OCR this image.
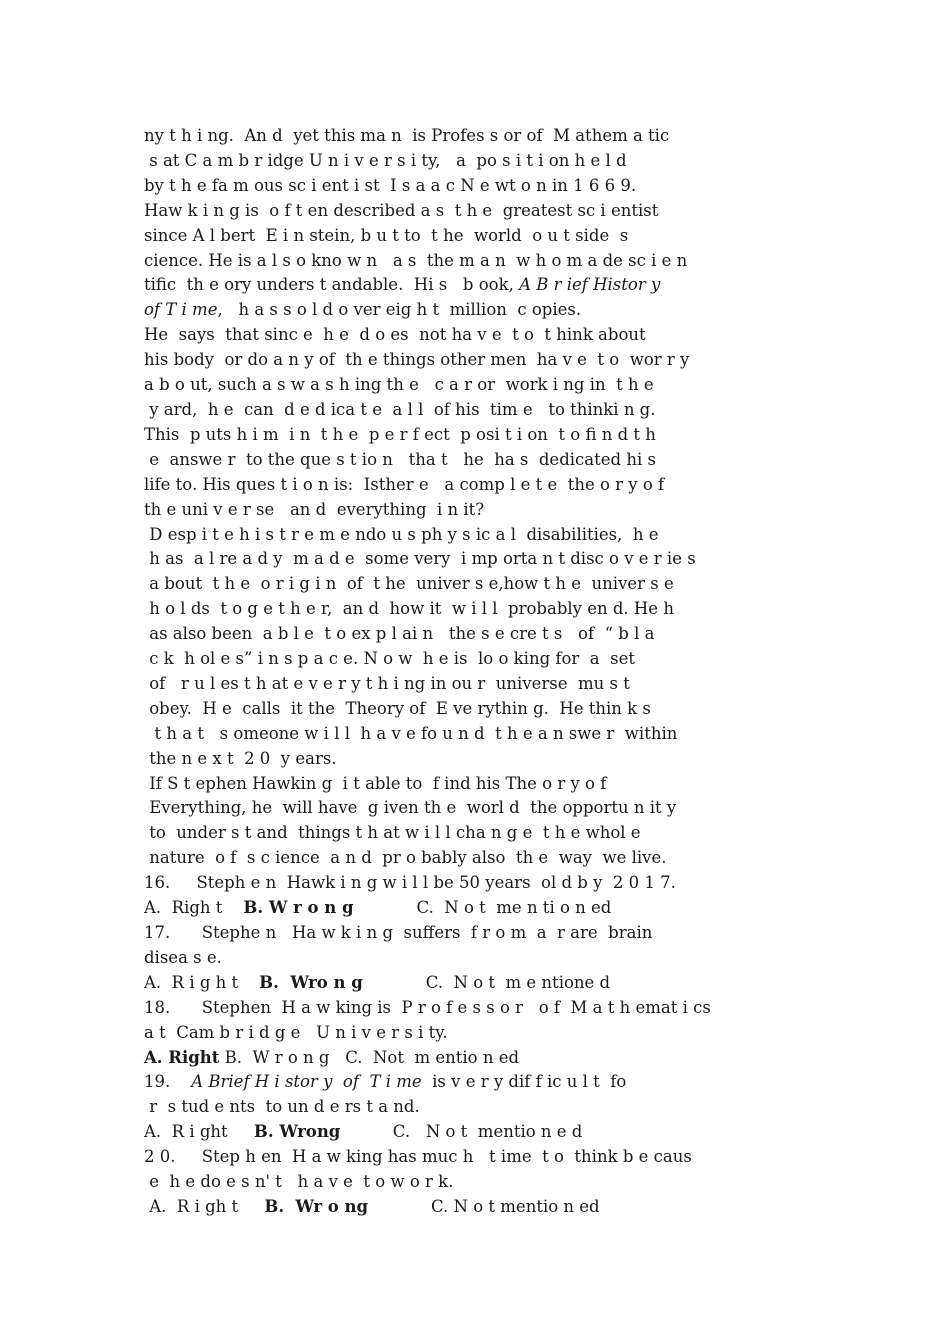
ny t h i ng.  An d  yet this ma n  is Profes s or of  M athem a tic
s at C a m b r idge U n i v e r s i ty,   a  po s i t i on h e l d
by t h e fa m ous sc i ent i st  I s a a c N e wt o n in 1 6 6 9.
Haw k i n g is  o f t en described a s  t h e  greatest sc i entist
since A l bert  E i n stein, b u t to  t he  world  o u t side  s
cience. He is a l s o kno w n   a s  the m a n  w h o m a de sc i e n
tific  th e ory unders t andable.  Hi s   b ook, A B r ief Histor y
of T i me,   h a s s o l d o ver eig h t  million  c opies.
He  says  that sinc e  h e  d o es  not ha v e  t o  t hink about
his body  or do a n y of  th e things other men  ha v e  t o  wor r y
a b o ut, such a s w a s h ing th e   c a r or  work i ng in  t h e
y ard,  h e  can  d e d ica t e  a l l  of his  tim e   to thinki n g.
This  p uts h i m  i n  t h e  p e r f ect  p osi t i on  t o fi n d t h
e  answe r  to the que s t io n   tha t   he  ha s  dedicated hi s
life to. His ques t i o n is:  Isther e   a comp l e t e  the o r y o f
th e uni v e r se   an d  everything  i n it?
D esp i t e h i s t r e m e ndo u s ph y s ic a l  disabilities,  h e
h as  a l re a d y  m a d e  some very  i mp orta n t disc o v e r ie s
a bout  t h e  o r i g i n  of  t he  univer s e,how t h e  univer s e
h o l ds  t o g e t h e r,  an d  how it  w i l l  probably en d. He h
as also been  a b l e  t o ex p l ai n   the s e cre t s   of  “ b l a
c k  h ol e s” i n s p a c e. N o w  h e is  lo o king for  a  set
of   r u l es t h at e v e r y t h i ng in ou r  universe  mu s t
obey.  H e  calls  it the  Theory of  E ve rythin g.  He thin k s
t h a t   s omeone w i l l  h a v e fo u n d  t h e a n swe r  within
the n e x t  2 0  y ears.
If S t ephen Hawkin g  i t able to  f ind his The o r y o f
Everything, he  will have  g iven th e  worl d  the opportu n it y
to  under s t and  things t h at w i l l cha n g e  t h e whol e
nature  o f  s c ience  a n d  pr o bably also  th e  way  we live.
16.     Steph e n  Hawk i n g w i l l be 50 years  ol d b y  2 0 1 7.
A.  Righ t    B. W r o n g            C.  N o t  me n ti o n ed
17.      Stephe n   Ha w k i n g  suffers  f r o m  a  r are  brain
disea s e.
A.  R i g h t    B.  Wro n g            C.  N o t  m e ntione d
18.      Stephen  H a w king is  P r o f e s s o r   o f  M a t h emat i cs
a t  Cam b r i d g e   U n i v e r s i ty.
A. Right B.  W r o n g   C.  Not  m entio n ed
19.    A Brief H i stor y  of  T i me  is v e r y dif f ic u l t  fo
r  s tud e nts  to un d e rs t a nd.
A.  R i ght     B. Wrong          C.   N o t  mentio n e d
2 0.     Step h en  H a w king has muc h   t ime  t o  think b e caus
e  h e do e s n' t   h a v e  t o w o r k.
A.  R i gh t     B.  Wr o ng            C. N o t mentio n ed
